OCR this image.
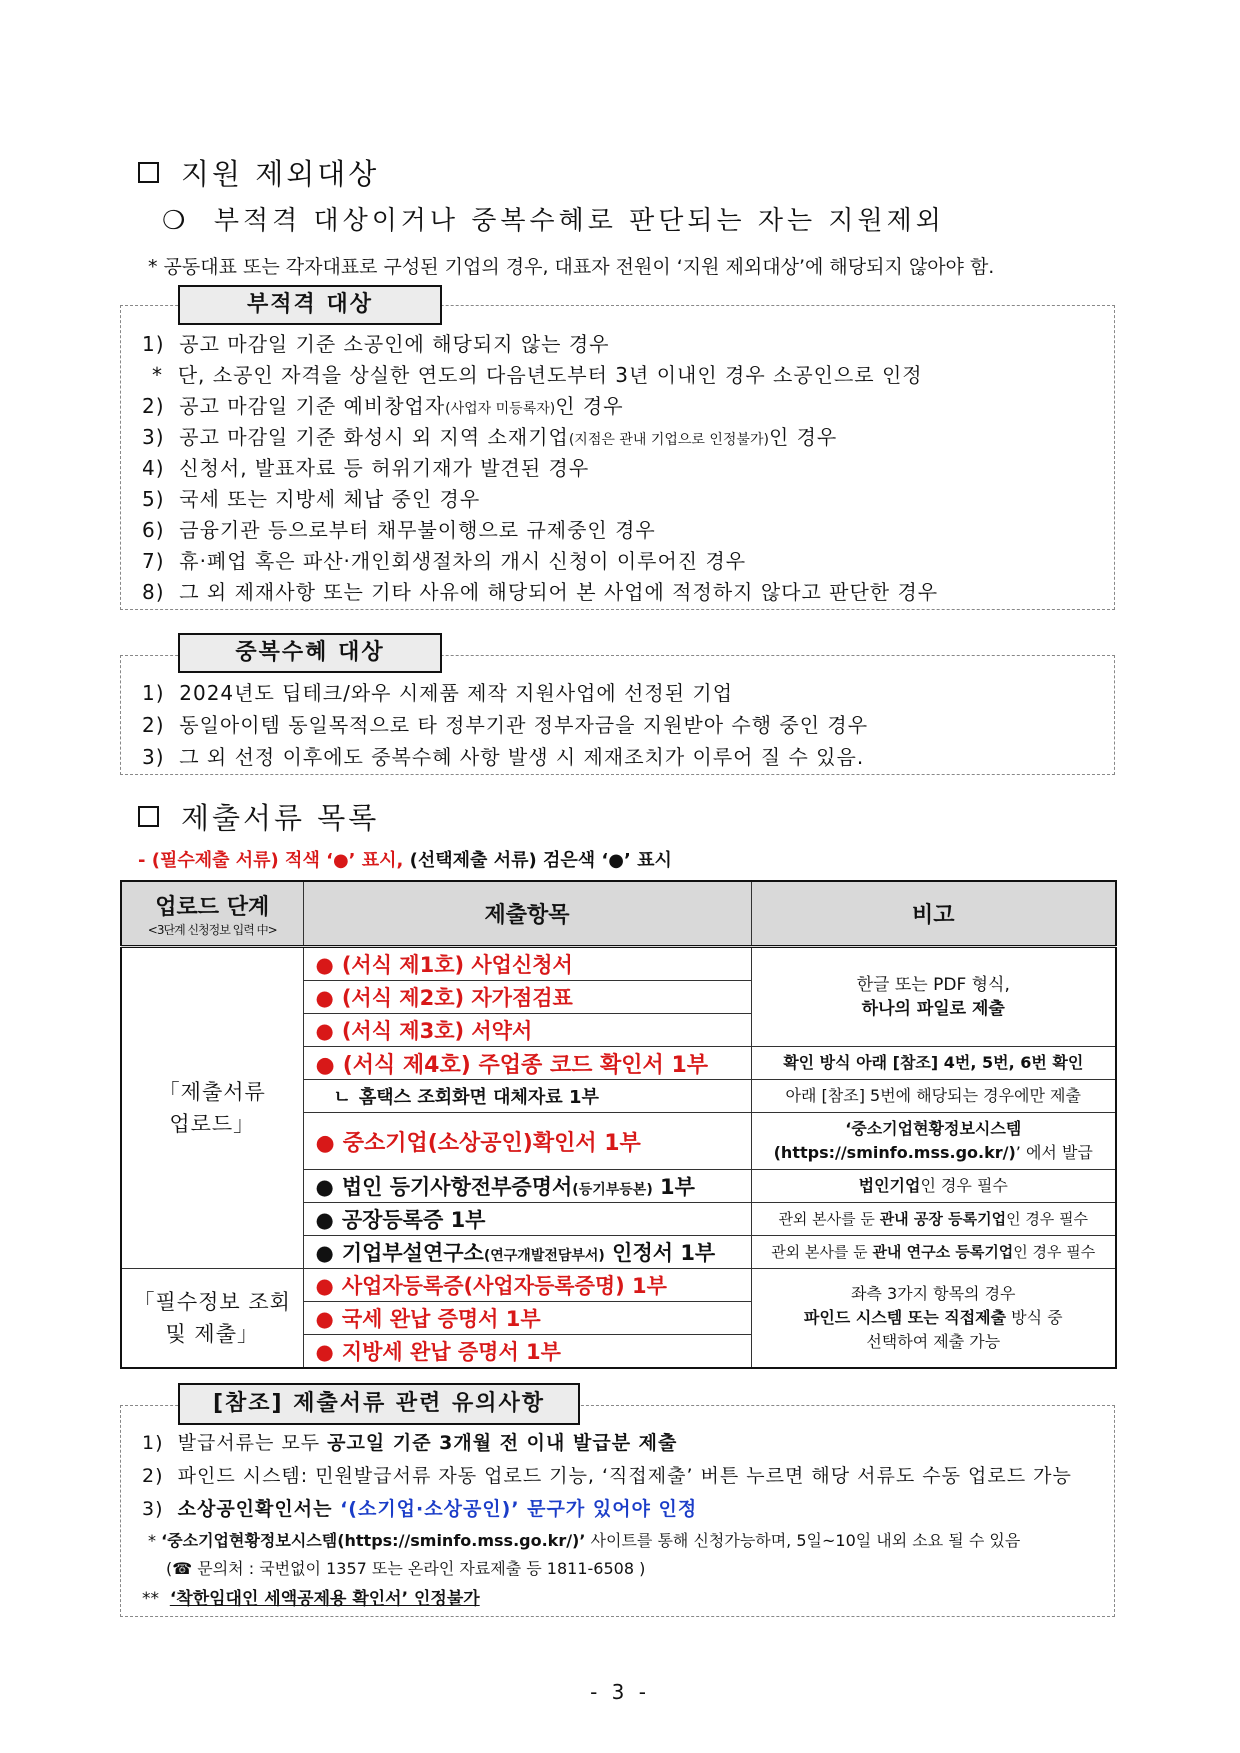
지원 제외대상
❍ 부적격 대상이거나 중복수혜로 판단되는 자는 지원제외
* 공동대표 또는 각자대표로 구성된 기업의 경우, 대표자 전원이 ‘지원 제외대상’에 해당되지 않아야 함.
부적격 대상
1) 공고 마감일 기준 소공인에 해당되지 않는 경우
* 단, 소공인 자격을 상실한 연도의 다음년도부터 3년 이내인 경우 소공인으로 인정
2) 공고 마감일 기준 예비창업자(사업자 미등록자)인 경우
3) 공고 마감일 기준 화성시 외 지역 소재기업(지점은 관내 기업으로 인정불가)인 경우
4) 신청서, 발표자료 등 허위기재가 발견된 경우
5) 국세 또는 지방세 체납 중인 경우
6) 금융기관 등으로부터 채무불이행으로 규제중인 경우
7) 휴·폐업 혹은 파산·개인회생절차의 개시 신청이 이루어진 경우
8) 그 외 제재사항 또는 기타 사유에 해당되어 본 사업에 적정하지 않다고 판단한 경우
중복수혜 대상
1) 2024년도 딥테크/와우 시제품 제작 지원사업에 선정된 기업
2) 동일아이템 동일목적으로 타 정부기관 정부자금을 지원받아 수행 중인 경우
3) 그 외 선정 이후에도 중복수혜 사항 발생 시 제재조치가 이루어 질 수 있음.
제출서류 목록
- (필수제출 서류) 적색 ‘●’ 표시, (선택제출 서류) 검은색 ‘●’ 표시
업로드 단계
<3단계 신청정보 입력 中>	제출항목	비고

「제출서류 업로드」	● (서식 제1호) 사업신청서	한글 또는 PDF 형식,
하나의 파일로 제출

	● (서식 제2호) 자가점검표	
	● (서식 제3호) 서약서	
	● (서식 제4호) 주업종 코드 확인서 1부	확인 방식 아래 [참조] 4번, 5번, 6번 확인
	ㄴ 홈택스 조회화면 대체자료 1부	아래 [참조] 5번에 해당되는 경우에만 제출
	● 중소기업(소상공인)확인서 1부	‘중소기업현황정보시스템
(https://sminfo.mss.go.kr/)’ 에서 발급

	● 법인 등기사항전부증명서(등기부등본) 1부	법인기업인 경우 필수
	● 공장등록증 1부	관외 본사를 둔 관내 공장 등록기업인 경우 필수
	● 기업부설연구소(연구개발전담부서) 인정서 1부	관외 본사를 둔 관내 연구소 등록기업인 경우 필수

「필수정보 조회 및 제출」	● 사업자등록증(사업자등록증명) 1부	좌측 3가지 항목의 경우
파인드 시스템 또는 직접제출 방식 중
선택하여 제출 가능

	● 국세 완납 증명서 1부	
	● 지방세 완납 증명서 1부	
[참조] 제출서류 관련 유의사항
1) 발급서류는 모두 공고일 기준 3개월 전 이내 발급분 제출
2) 파인드 시스템: 민원발급서류 자동 업로드 기능, ‘직접제출’ 버튼 누르면 해당 서류도 수동 업로드 가능
3) 소상공인확인서는 ‘(소기업·소상공인)’ 문구가 있어야 인정
* ‘중소기업현황정보시스템(https://sminfo.mss.go.kr/)’ 사이트를 통해 신청가능하며, 5일~10일 내외 소요 될 수 있음
(☎ 문의처 : 국번없이 1357 또는 온라인 자료제출 등 1811-6508 )
** ‘착한임대인 세액공제용 확인서’ 인정불가
- 3 -
